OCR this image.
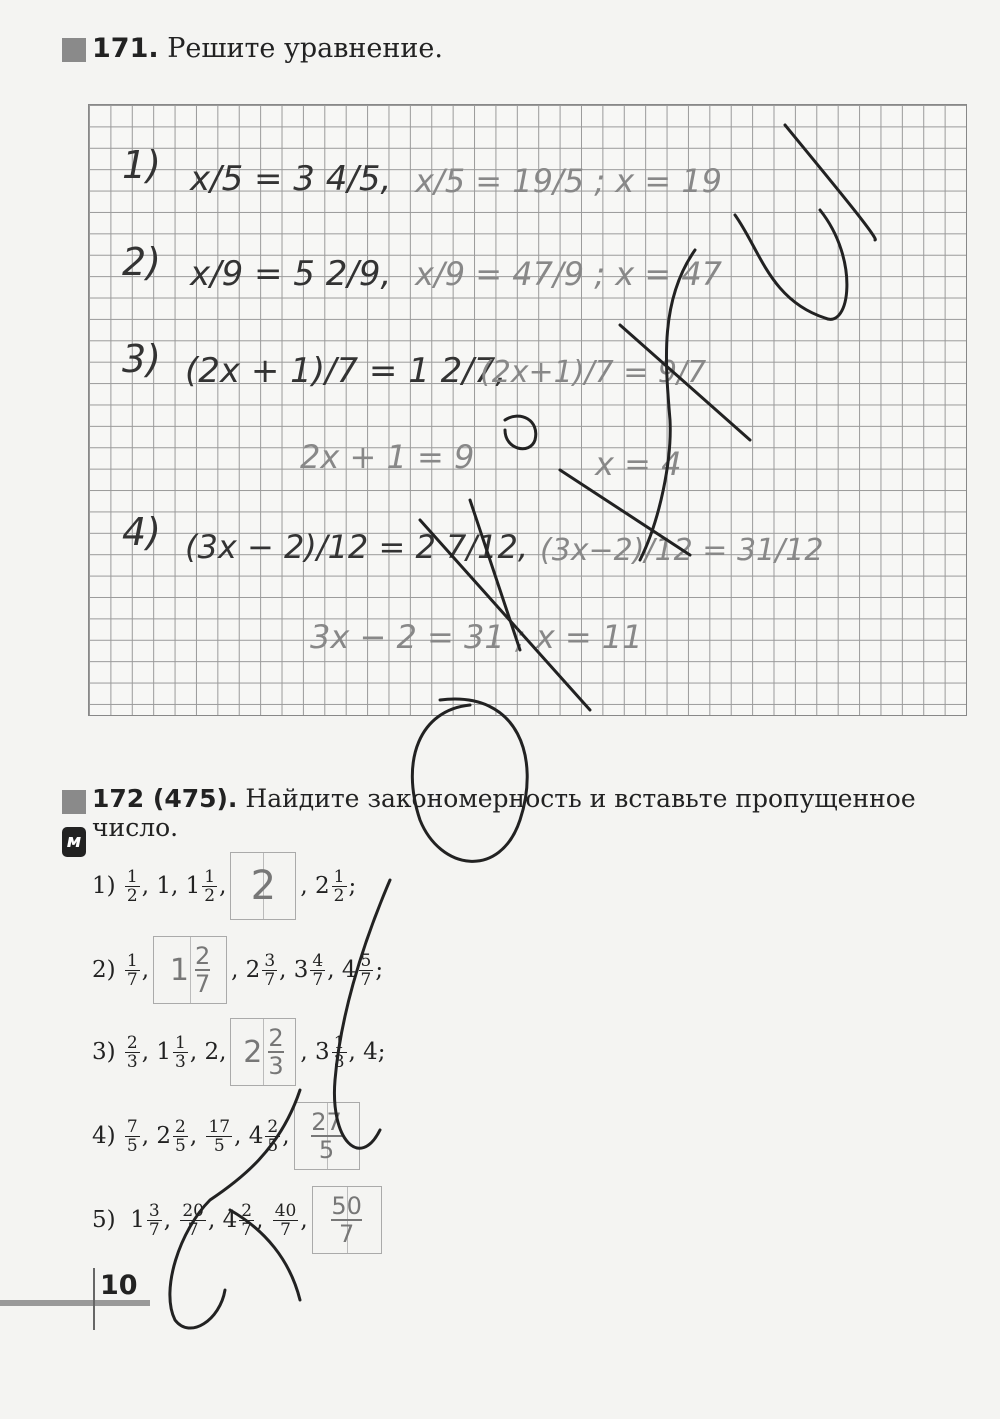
171. Решите уравнение.
1) x/5 = 3 4/5, x/5 = 19/5 ; x = 19
2) x/9 = 5 2/9, x/9 = 47/9 ; x = 47
3) (2x + 1)/7 = 1 2/7,
(2x+1)/7 = 9/7
2x + 1 = 9	x = 4
4) (3x − 2)/12 = 2 7/12, (3x−2)/12 = 31/12
3x − 2 = 31 ; x = 11
172 (475). Найдите закономерность и вставьте пропущенное число.
м
1)
$\frac{1}{2}$ , 1, $1 \frac{1}{2}$ , 2 , $2 \frac{1}{2}$ ;
2)
$\frac{1}{7}$ , $1 \frac{2}{7}$ , $2 \frac{3}{7}$ , $3 \frac{4}{7}$ , $4 \frac{5}{7}$ ;
3)
$\frac{2}{3}$ , $1 \frac{1}{3}$ , 2, $2 \frac{2}{3}$ , $3 \frac{1}{3}$ , 4;
4)
$\frac{7}{5}$ , $2 \frac{2}{5}$ , $\frac{17}{5}$ , $4 \frac{2}{5}$ , $\frac{27}{5}$
5) $1 \frac{3}{7}$ , $\frac{20}{7}$ , $4 \frac{2}{7}$ , $\frac{40}{7}$ , $\frac{50}{7}$
10
